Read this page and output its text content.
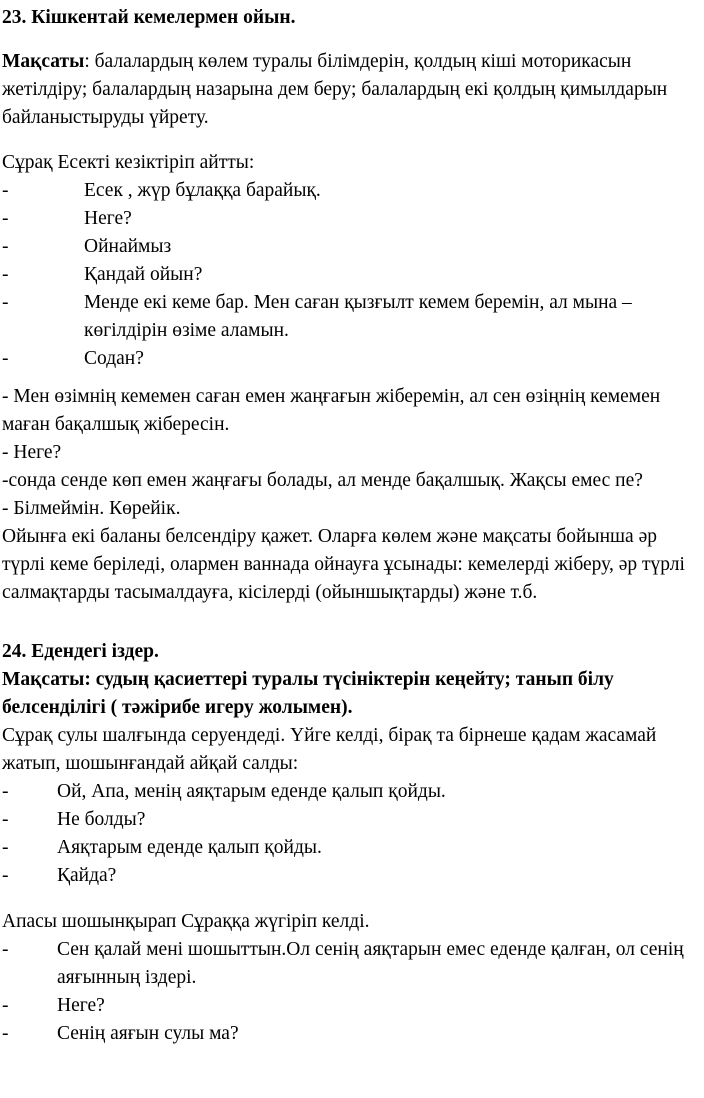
23. Кішкентай кемелермен ойын.

Мақсаты: балалардың көлем туралы білімдерін, қолдың кіші моторикасын жетілдіру; балалардың назарына дем беру; балалардың екі қолдың қимылдарын байланыстыруды үйрету.

Сұрақ Есекті кезіктіріп айтты:

-	Есек , жүр бұлаққа барайық.
-	Неге?
-	Ойнаймыз
-	Қандай ойын?
-	Менде екі кеме бар. Мен саған қызғылт кемем беремін, ал мына – көгілдірін өзіме аламын.
-	Содан?

- Мен өзімнің кемемен саған емен жаңғағын жіберемін, ал сен өзіңнің кемемен маған бақалшық жібересін.

- Неге?

-сонда сенде көп емен жаңғағы болады, ал менде бақалшық. Жақсы емес пе?

- Білмеймін. Көрейік.

Ойынға екі баланы белсендіру қажет. Оларға көлем және мақсаты бойынша әр түрлі кеме беріледі, олармен ваннада ойнауға ұсынады: кемелерді жіберу, әр түрлі салмақтарды тасымалдауға, кісілерді (ойыншықтарды) және т.б.

24. Едендегі іздер.

Мақсаты: судың қасиеттері туралы түсініктерін кеңейту; танып білу белсенділігі ( тәжірибе игеру жолымен).

Сұрақ сулы шалғында серуендеді. Үйге келді, бірақ та бірнеше қадам жасамай жатып, шошынғандай айқай салды:

- Ой, Апа, менің аяқтарым еденде қалып қойды.
- Не болды?
- Аяқтарым еденде қалып қойды.
- Қайда?

Апасы шошынқырап Сұраққа жүгіріп келді.

- Сен қалай мені шошыттын.Ол сенің аяқтарын емес еденде қалған, ол сенің аяғынның іздері.
- Неге?
- Сенің аяғын сулы ма?
